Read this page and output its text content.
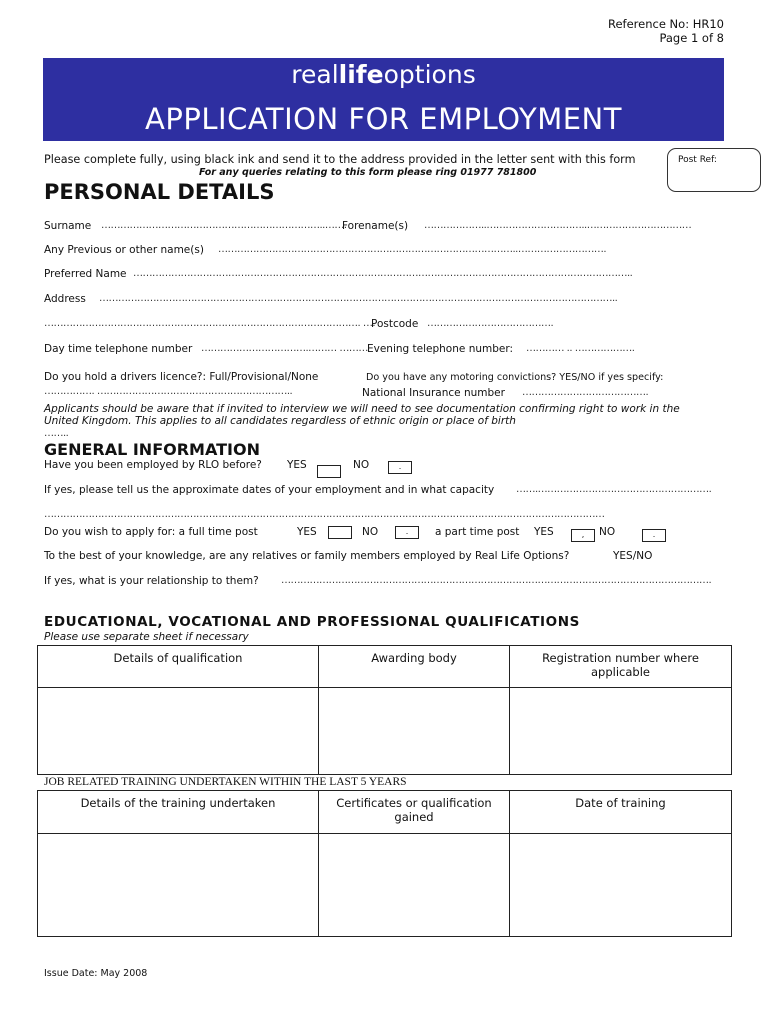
Reference No: HR10
Page 1 of 8
reallifeoptions
APPLICATION FOR EMPLOYMENT
Please complete fully, using black ink and send it to the address provided in the letter sent with this form
For any queries relating to this form please ring 01977 781800
Post Ref:
PERSONAL DETAILS
Surname ……………………………………………………………..…….
Forename(s) ………………..…………………………..……………………………
Any Previous or other name(s) …………………………………………………………………………………..……………………….
Preferred Name …………………………………………………………………………………………………………………………………………..
Address ………………………………………………………………………………………………………………………………………………..
………………………………………………………………………………………. ….
Postcode ………………………………….
Day time telephone number …………………………….……… ……… Evening telephone number: ………… .. ……………….
Do you hold a drivers licence?: Full/Provisional/None	Do you have any motoring convictions? YES/NO if yes specify:
……………. ……………………………………………………..	National Insurance number ………………………………….
Applicants should be aware that if invited to interview we will need to see documentation confirming right to work in the
United Kingdom. This applies to all candidates regardless of ethnic origin or place of birth
……..
GENERAL INFORMATION
Have you been employed by RLO before? YES	NO	.
If yes, please tell us the approximate dates of your employment and in what capacity …….……………………………………………….
……………………………………………………………………………………………………………………………………………………………
Do you wish to apply for: a full time post	YES	NO	.	a part time post YES	,	NO	.
To the best of your knowledge, are any relatives or family members employed by Real Life Options?	YES/NO
If yes, what is your relationship to them? ……………………………………………………………………………………………………………………….
EDUCATIONAL, VOCATIONAL AND PROFESSIONAL QUALIFICATIONS
Please use separate sheet if necessary
Details of qualification	Awarding body	Registration number where applicable

JOB RELATED TRAINING UNDERTAKEN WITHIN THE LAST 5 YEARS
Details of the training undertaken	Certificates or qualification gained	Date of training

Issue Date: May 2008
